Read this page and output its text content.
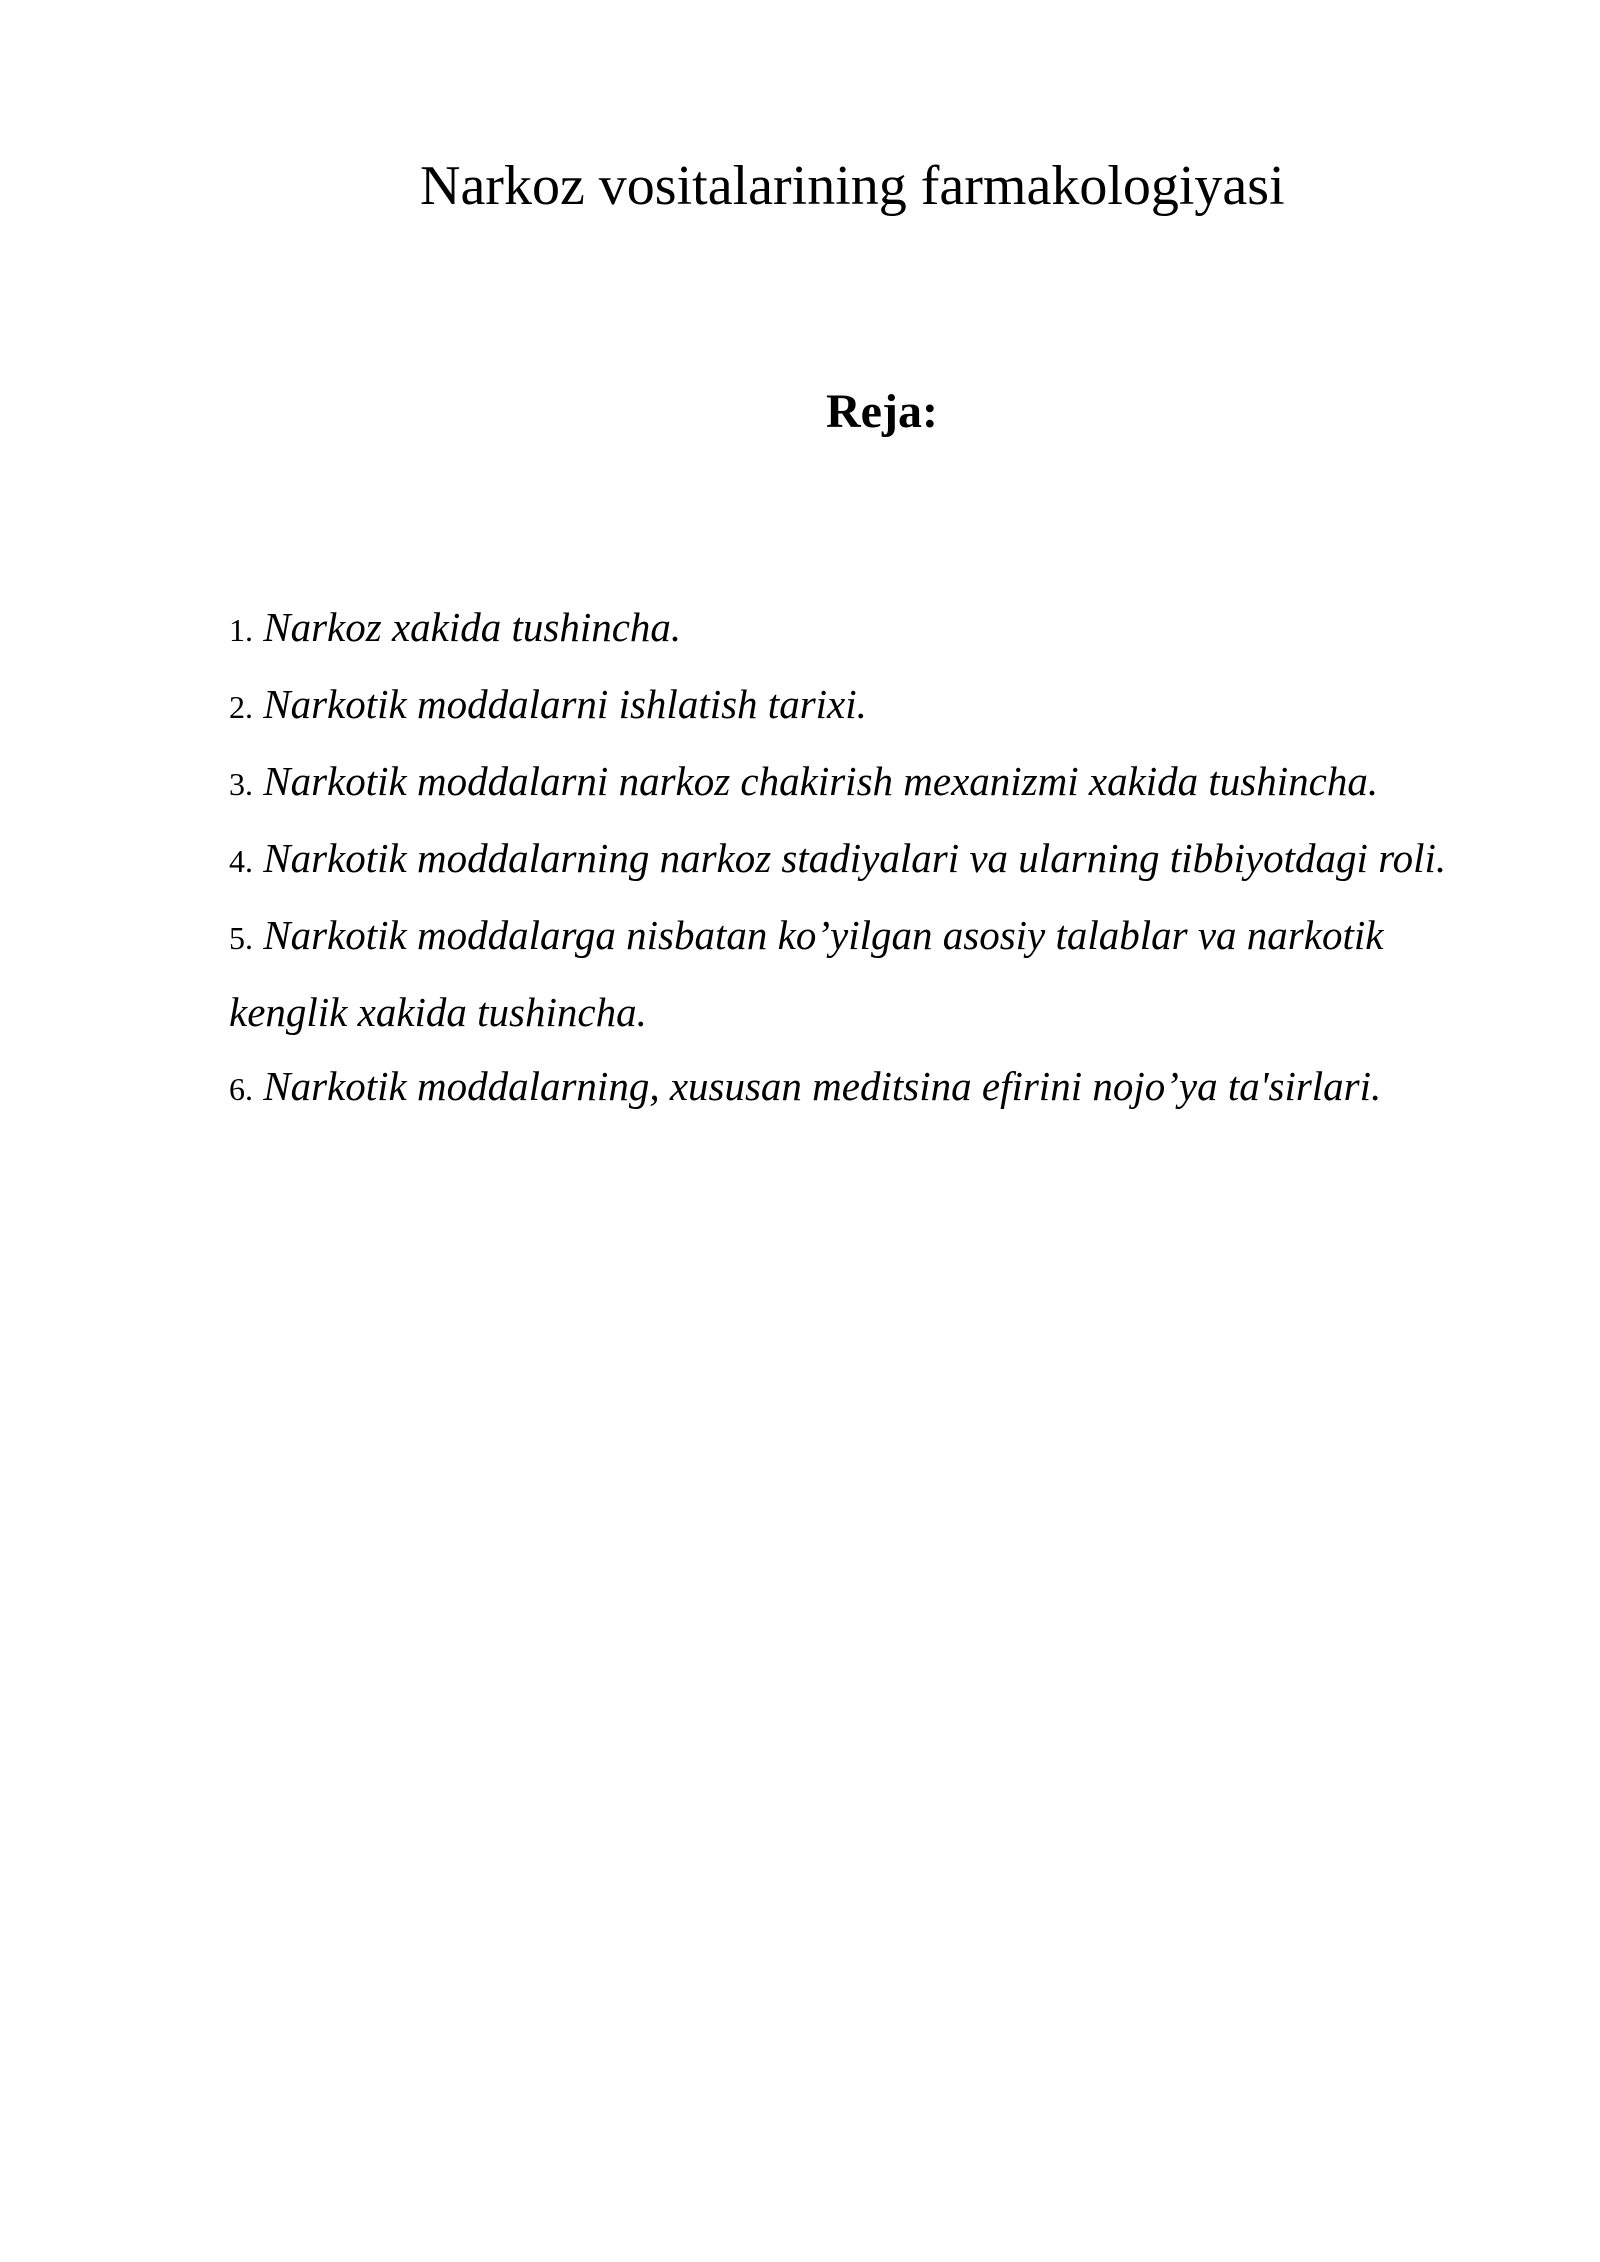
Narkoz vositalarining farmakologiyasi
Reja:
1. Narkoz xakida tushincha.
2. Narkotik moddalarni ishlatish tarixi.
3. Narkotik moddalarni narkoz chakirish mexanizmi xakida tushincha.
4. Narkotik moddalarning narkoz stadiyalari va ularning tibbiyotdagi roli.
5. Narkotik moddalarga nisbatan ko’yilgan asosiy talablar va narkotik kenglik xakida tushincha.
6. Narkotik moddalarning, xususan meditsina efirini nojo’ya ta'sirlari.
